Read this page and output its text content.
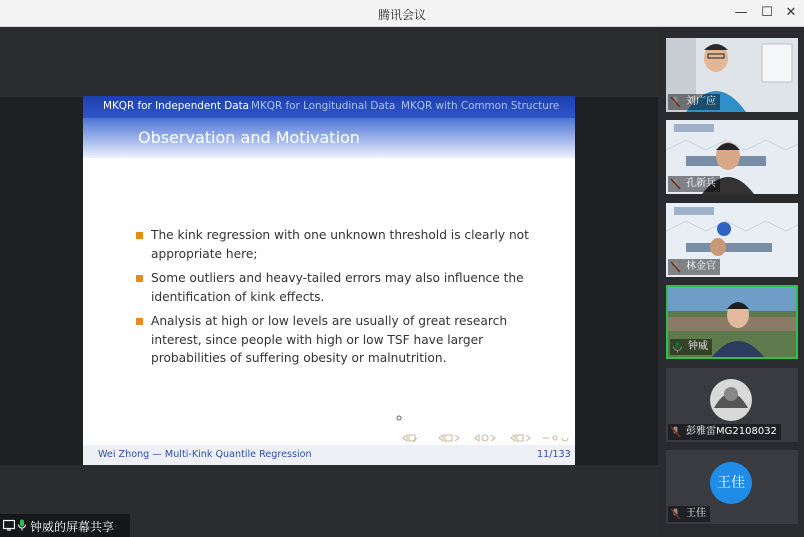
腾讯会议	—	☐ ✕
MKQR for Independent Data MKQR for Longitudinal Data MKQR with Common Structure
Observation and Motivation
The kink regression with one unknown threshold is clearly not appropriate here;
Some outliers and heavy-tailed errors may also influence the identification of kink effects.
Analysis at high or low levels are usually of great research interest, since people with high or low TSF have larger probabilities of suffering obesity or malnutrition.
Wei Zhong — Multi-Kink Quantile Regression	11/133
钟威的屏幕共享
刘广应
孔新兵
林金官
钟威
彭雅雷MG2108032
王佳
王佳
